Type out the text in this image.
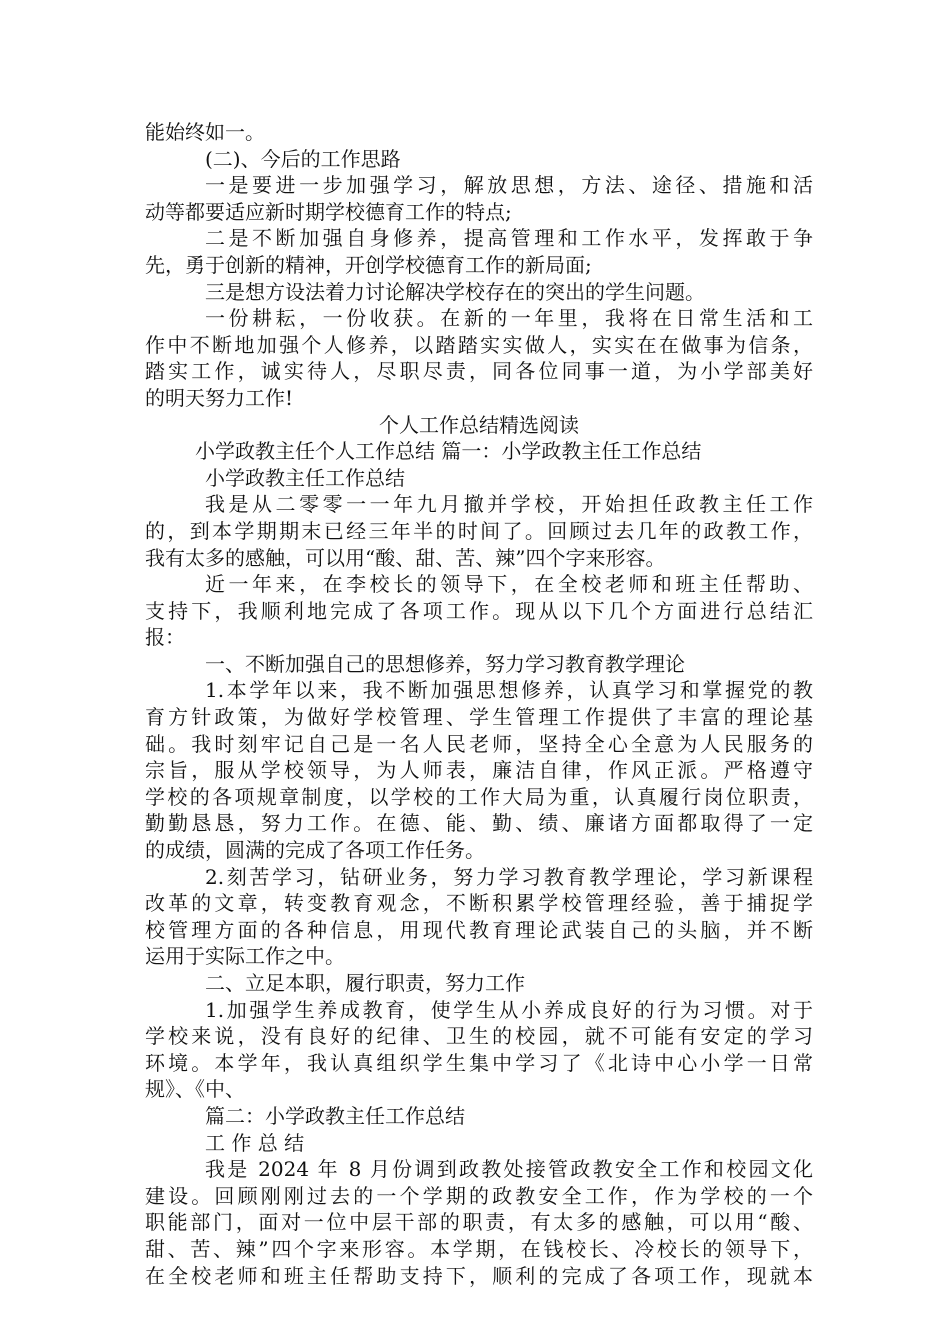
能始终如一。
(二)、今后的工作思路
一是要进一步加强学习，解放思想，方法、途径、措施和活
动等都要适应新时期学校德育工作的特点;
二是不断加强自身修养，提高管理和工作水平，发挥敢于争
先，勇于创新的精神，开创学校德育工作的新局面;
三是想方设法着力讨论解决学校存在的突出的学生问题。
一份耕耘，一份收获。在新的一年里，我将在日常生活和工
作中不断地加强个人修养，以踏踏实实做人，实实在在做事为信条，
踏实工作，诚实待人，尽职尽责，同各位同事一道，为小学部美好
的明天努力工作!
个人工作总结精选阅读
小学政教主任个人工作总结 篇一：小学政教主任工作总结
小学政教主任工作总结
我是从二零零一一年九月撤并学校，开始担任政教主任工作
的，到本学期期末已经三年半的时间了。回顾过去几年的政教工作，
我有太多的感触，可以用“酸、甜、苦、辣”四个字来形容。
近一年来，在李校长的领导下，在全校老师和班主任帮助、
支持下，我顺利地完成了各项工作。现从以下几个方面进行总结汇
报：
一、不断加强自己的思想修养，努力学习教育教学理论
1.本学年以来，我不断加强思想修养，认真学习和掌握党的教
育方针政策，为做好学校管理、学生管理工作提供了丰富的理论基
础。我时刻牢记自己是一名人民老师，坚持全心全意为人民服务的
宗旨，服从学校领导，为人师表，廉洁自律，作风正派。严格遵守
学校的各项规章制度，以学校的工作大局为重，认真履行岗位职责，
勤勤恳恳，努力工作。在德、能、勤、绩、廉诸方面都取得了一定
的成绩，圆满的完成了各项工作任务。
2.刻苦学习，钻研业务，努力学习教育教学理论，学习新课程
改革的文章，转变教育观念，不断积累学校管理经验，善于捕捉学
校管理方面的各种信息，用现代教育理论武装自己的头脑，并不断
运用于实际工作之中。
二、立足本职，履行职责，努力工作
1.加强学生养成教育，使学生从小养成良好的行为习惯。对于
学校来说，没有良好的纪律、卫生的校园，就不可能有安定的学习
环境。本学年，我认真组织学生集中学习了《北诗中心小学一日常
规》、《中、
篇二：小学政教主任工作总结
工 作 总 结
我是 2024 年 8 月份调到政教处接管政教安全工作和校园文化
建设。回顾刚刚过去的一个学期的政教安全工作，作为学校的一个
职能部门，面对一位中层干部的职责，有太多的感触，可以用“酸、
甜、苦、辣”四个字来形容。本学期，在钱校长、冷校长的领导下，
在全校老师和班主任帮助支持下，顺利的完成了各项工作，现就本
